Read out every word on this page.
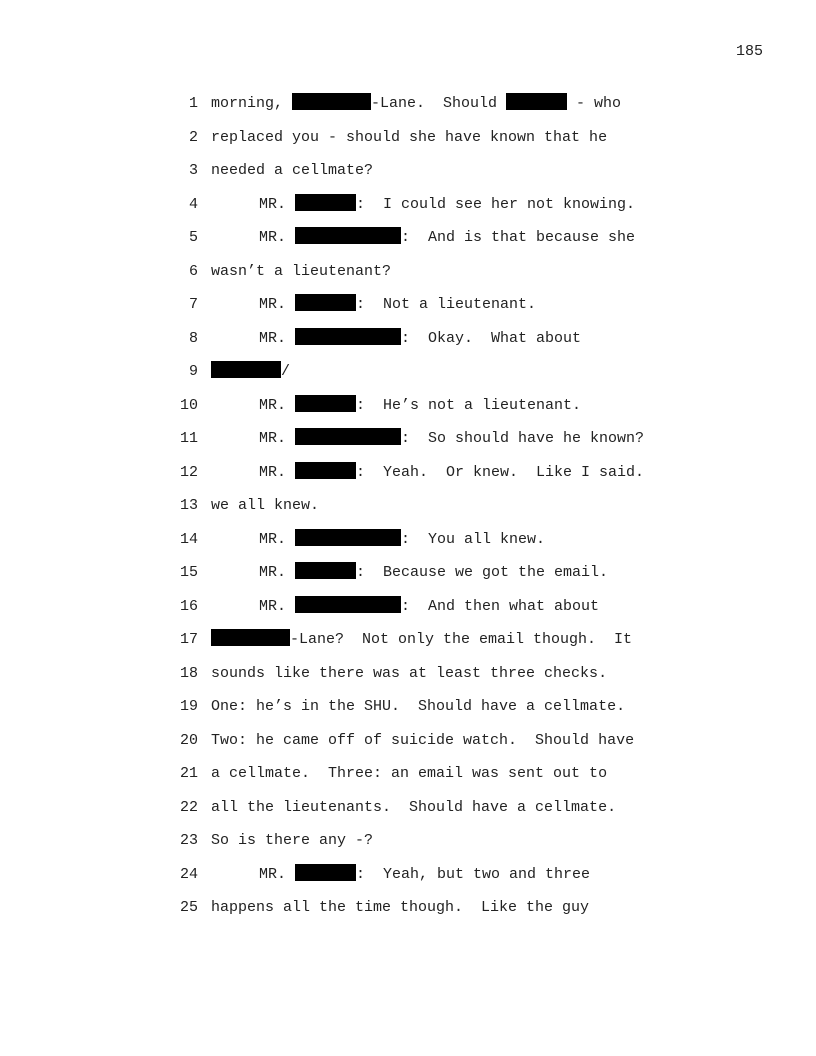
185
1 morning,	-Lane.  Should	- who
2 replaced you - should she have known that he
3 needed a cellmate?
4	MR.	:  I could see her not knowing.
5	MR.	:  And is that because she
6 wasn’t a lieutenant?
7	MR.	:  Not a lieutenant.
8	MR.	:  Okay.  What about
9	/
10	MR.	:  He’s not a lieutenant.
11	MR.	:  So should have he known?
12	MR.	:  Yeah.  Or knew.  Like I said.
13 we all knew.
14	MR.	:  You all knew.
15	MR.	:  Because we got the email.
16	MR.	:  And then what about
17	-Lane?  Not only the email though.  It
18 sounds like there was at least three checks.
19 One: he’s in the SHU.  Should have a cellmate.
20 Two: he came off of suicide watch.  Should have
21 a cellmate.  Three: an email was sent out to
22 all the lieutenants.  Should have a cellmate.
23 So is there any -?
24	MR.	:  Yeah, but two and three
25 happens all the time though.  Like the guy
